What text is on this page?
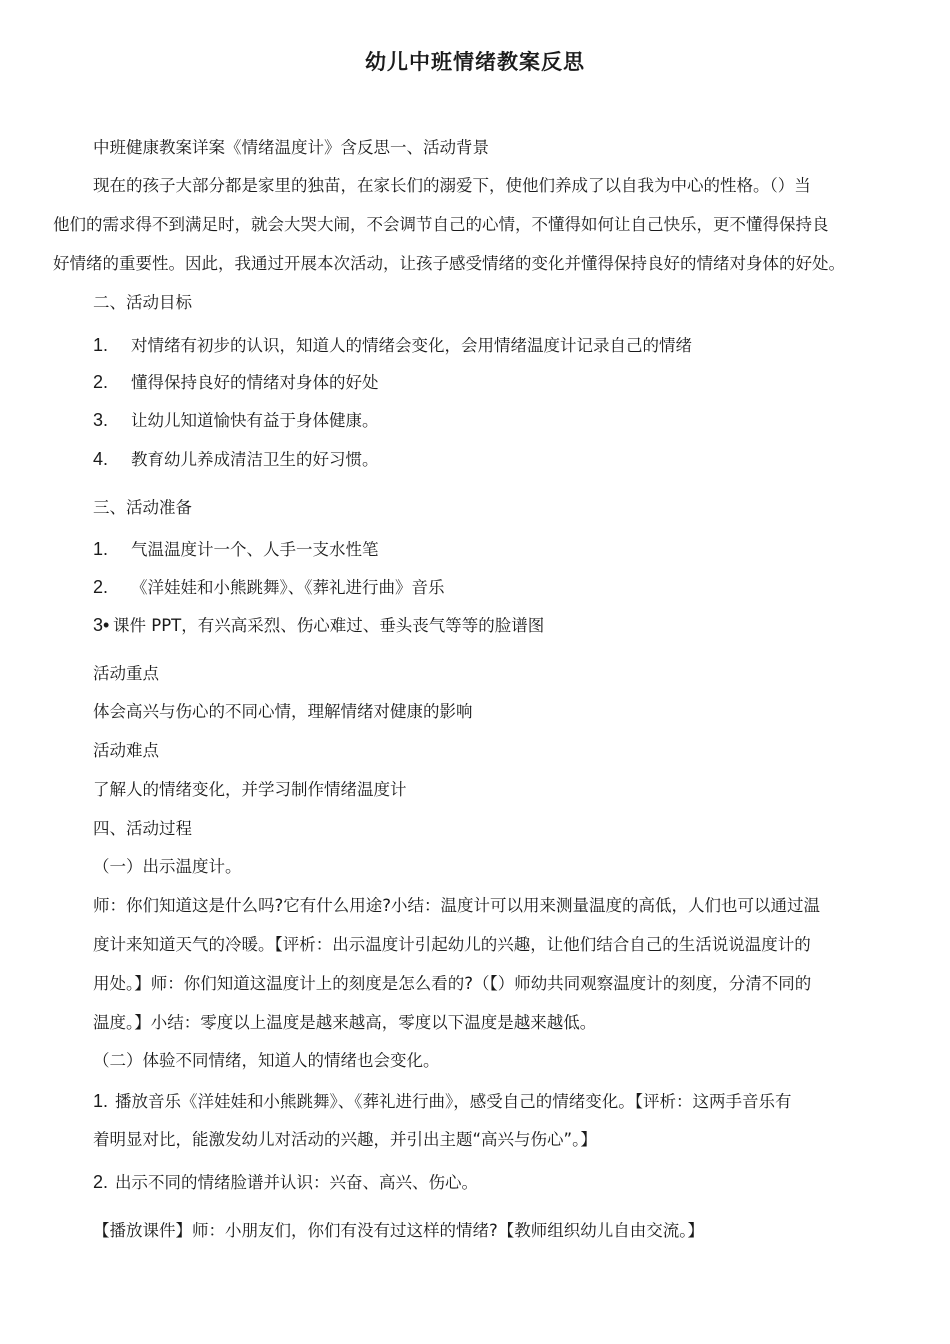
幼儿中班情绪教案反思
中班健康教案详案《情绪温度计》含反思一、活动背景
现在的孩子大部分都是家里的独苗，在家长们的溺爱下，使他们养成了以自我为中心的性格。（）当
他们的需求得不到满足时，就会大哭大闹，不会调节自己的心情，不懂得如何让自己快乐，更不懂得保持良
好情绪的重要性。因此，我通过开展本次活动，让孩子感受情绪的变化并懂得保持良好的情绪对身体的好处。
二、活动目标
1. 对情绪有初步的认识，知道人的情绪会变化，会用情绪温度计记录自己的情绪
2. 懂得保持良好的情绪对身体的好处
3. 让幼儿知道愉快有益于身体健康。
4. 教育幼儿养成清洁卫生的好习惯。
三、活动准备
1. 气温温度计一个、人手一支水性笔
2. 《洋娃娃和小熊跳舞》、《葬礼进行曲》音乐
3• 课件 PPT，有兴高采烈、伤心难过、垂头丧气等等的脸谱图
活动重点
体会高兴与伤心的不同心情，理解情绪对健康的影响
活动难点
了解人的情绪变化，并学习制作情绪温度计
四、活动过程
（一）出示温度计。
师：你们知道这是什么吗?它有什么用途?小结：温度计可以用来测量温度的高低，人们也可以通过温
度计来知道天气的冷暖。【评析：出示温度计引起幼儿的兴趣，让他们结合自己的生活说说温度计的
用处。】师：你们知道这温度计上的刻度是怎么看的?（【）师幼共同观察温度计的刻度，分清不同的
温度。】小结：零度以上温度是越来越高，零度以下温度是越来越低。
（二）体验不同情绪，知道人的情绪也会变化。
1. 播放音乐《洋娃娃和小熊跳舞》、《葬礼进行曲》，感受自己的情绪变化。【评析：这两手音乐有
着明显对比，能激发幼儿对活动的兴趣，并引出主题“高兴与伤心”。】
2. 出示不同的情绪脸谱并认识：兴奋、高兴、伤心。
【播放课件】师：小朋友们，你们有没有过这样的情绪?【教师组织幼儿自由交流。】
